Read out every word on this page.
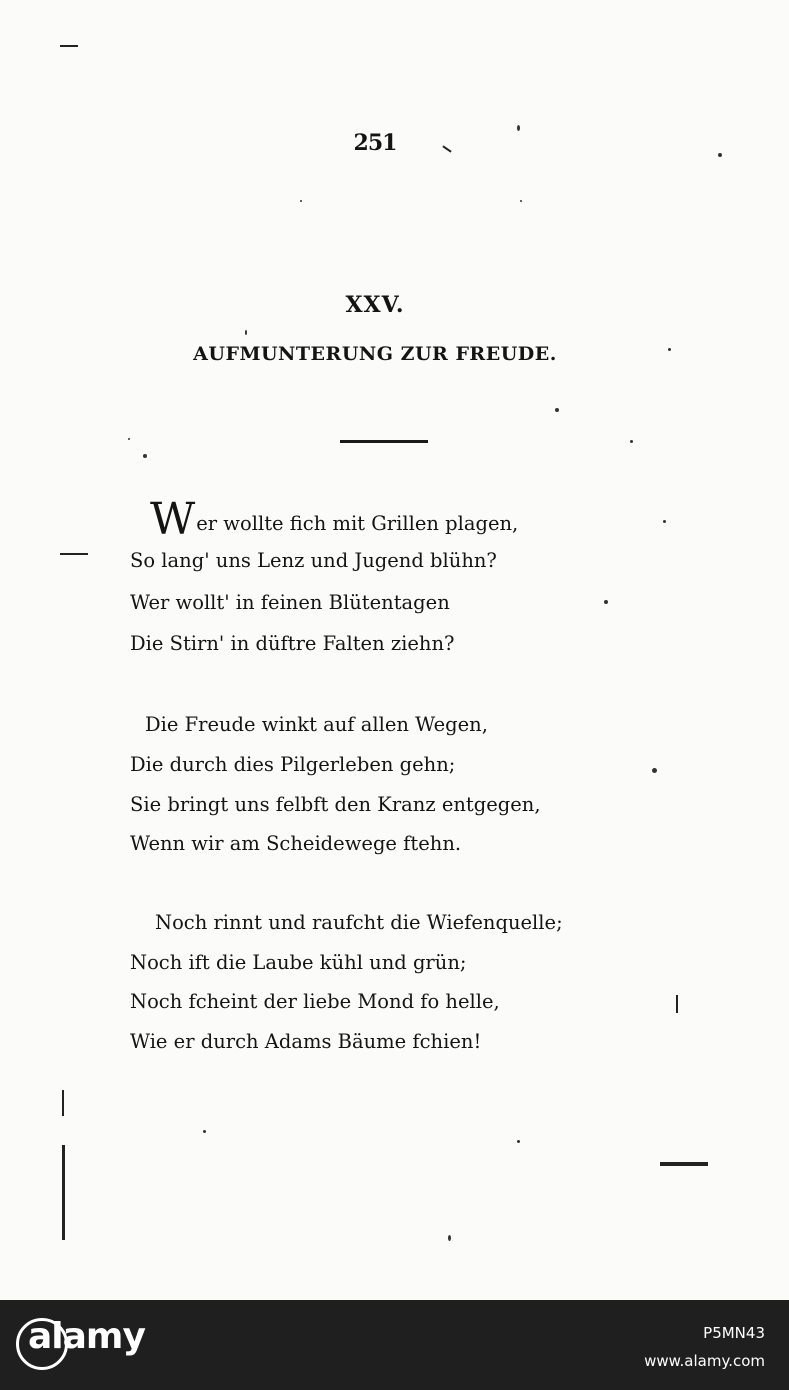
251
XXV.
AUFMUNTERUNG ZUR FREUDE.
Wer wollte fich mit Grillen plagen,
So lang' uns Lenz und Jugend blühn?
Wer wollt' in feinen Blütentagen
Die Stirn' in düftre Falten ziehn?
Die Freude winkt auf allen Wegen,
Die durch dies Pilgerleben gehn;
Sie bringt uns felbft den Kranz entgegen,
Wenn wir am Scheidewege ftehn.
Noch rinnt und raufcht die Wiefenquelle;
Noch ift die Laube kühl und grün;
Noch fcheint der liebe Mond fo helle,
Wie er durch Adams Bäume fchien!
alamy	P5MN43
www.alamy.com
